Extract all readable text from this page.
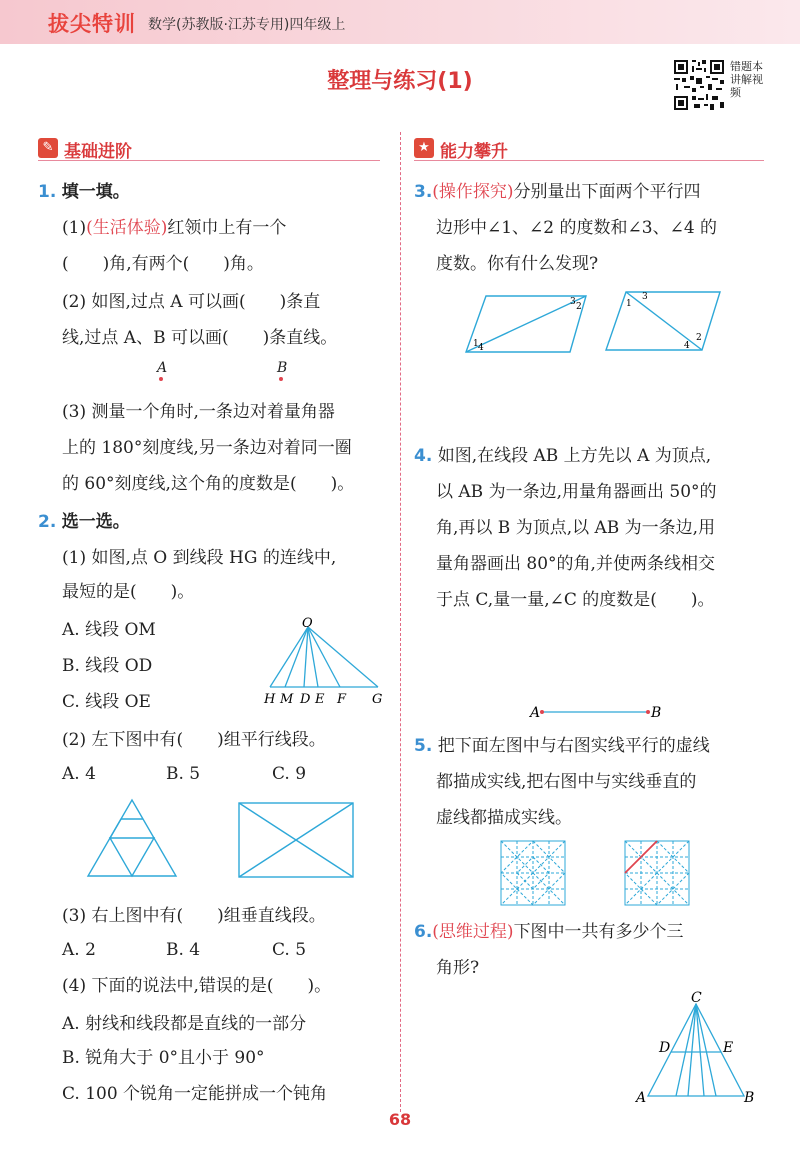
拔尖特训 数学(苏教版·江苏专用)四年级上
整理与练习(1)
错题本讲解视频
✎ 基础进阶
1. 填一填。
(1)(生活体验)红领巾上有一个
(　　)角,有两个(　　)角。
(2) 如图,过点 A 可以画(　　)条直
线,过点 A、B 可以画(　　)条直线。
A	B
(3) 测量一个角时,一条边对着量角器
上的 180°刻度线,另一条边对着同一圈
的 60°刻度线,这个角的度数是(　　)。
2. 选一选。
(1) 如图,点 O 到线段 HG 的连线中,
最短的是(　　)。
A. 线段 OM
B. 线段 OD
C. 线段 OE
O
H M D E F G
(2) 左下图中有(　　)组平行线段。
A. 4	B. 5	C. 9
(3) 右上图中有(　　)组垂直线段。
A. 2	B. 4	C. 5
(4) 下面的说法中,错误的是(　　)。
A. 射线和线段都是直线的一部分
B. 锐角大于 0°且小于 90°
C. 100 个锐角一定能拼成一个钝角
★ 能力攀升
3.(操作探究)分别量出下面两个平行四
边形中∠1、∠2 的度数和∠3、∠4 的
度数。你有什么发现?
1 4
3 2	1
3
4
2
4. 如图,在线段 AB 上方先以 A 为顶点,
以 AB 为一条边,用量角器画出 50°的
角,再以 B 为顶点,以 AB 为一条边,用
量角器画出 80°的角,并使两条线相交
于点 C,量一量,∠C 的度数是(　　)。
A	B
5. 把下面左图中与右图实线平行的虚线
都描成实线,把右图中与实线垂直的
虚线都描成实线。
6.(思维过程)下图中一共有多少个三
角形?
C
D	E
A	B
68
